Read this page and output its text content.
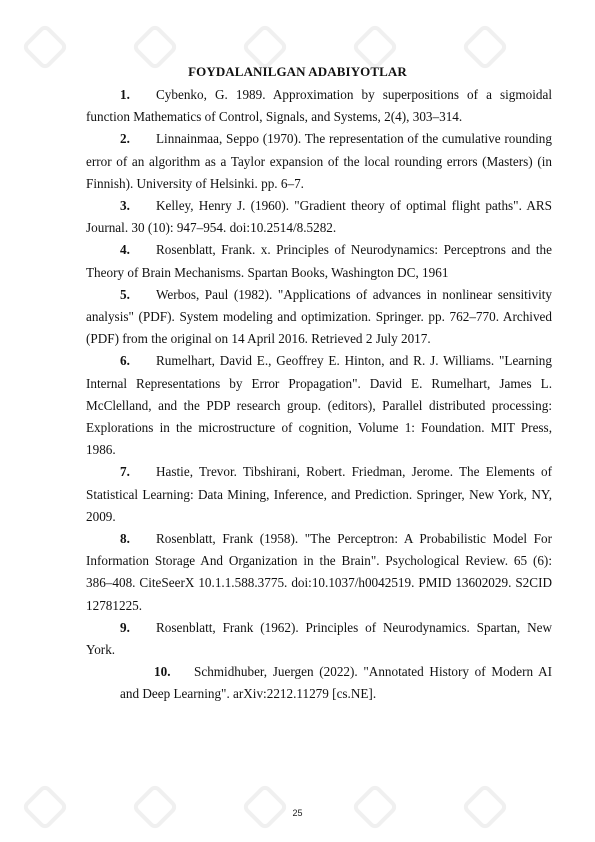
FOYDALANILGAN ADABIYOTLAR

1. Cybenko, G. 1989. Approximation by superpositions of a sigmoidal function Mathematics of Control, Signals, and Systems, 2(4), 303–314.

2. Linnainmaa, Seppo (1970). The representation of the cumulative rounding error of an algorithm as a Taylor expansion of the local rounding errors (Masters) (in Finnish). University of Helsinki. pp. 6–7.

3. Kelley, Henry J. (1960). "Gradient theory of optimal flight paths". ARS Journal. 30 (10): 947–954. doi:10.2514/8.5282.

4. Rosenblatt, Frank. x. Principles of Neurodynamics: Perceptrons and the Theory of Brain Mechanisms. Spartan Books, Washington DC, 1961

5. Werbos, Paul (1982). "Applications of advances in nonlinear sensitivity analysis" (PDF). System modeling and optimization. Springer. pp. 762–770. Archived (PDF) from the original on 14 April 2016. Retrieved 2 July 2017.

6. Rumelhart, David E., Geoffrey E. Hinton, and R. J. Williams. "Learning Internal Representations by Error Propagation". David E. Rumelhart, James L. McClelland, and the PDP research group. (editors), Parallel distributed processing: Explorations in the microstructure of cognition, Volume 1: Foundation. MIT Press, 1986.

7. Hastie, Trevor. Tibshirani, Robert. Friedman, Jerome. The Elements of Statistical Learning: Data Mining, Inference, and Prediction. Springer, New York, NY, 2009.

8. Rosenblatt, Frank (1958). "The Perceptron: A Probabilistic Model For Information Storage And Organization in the Brain". Psychological Review. 65 (6): 386–408. CiteSeerX 10.1.1.588.3775. doi:10.1037/h0042519. PMID 13602029. S2CID 12781225.

9. Rosenblatt, Frank (1962). Principles of Neurodynamics. Spartan, New York.

10. Schmidhuber, Juergen (2022). "Annotated History of Modern AI and Deep Learning". arXiv:2212.11279 [cs.NE].

25
